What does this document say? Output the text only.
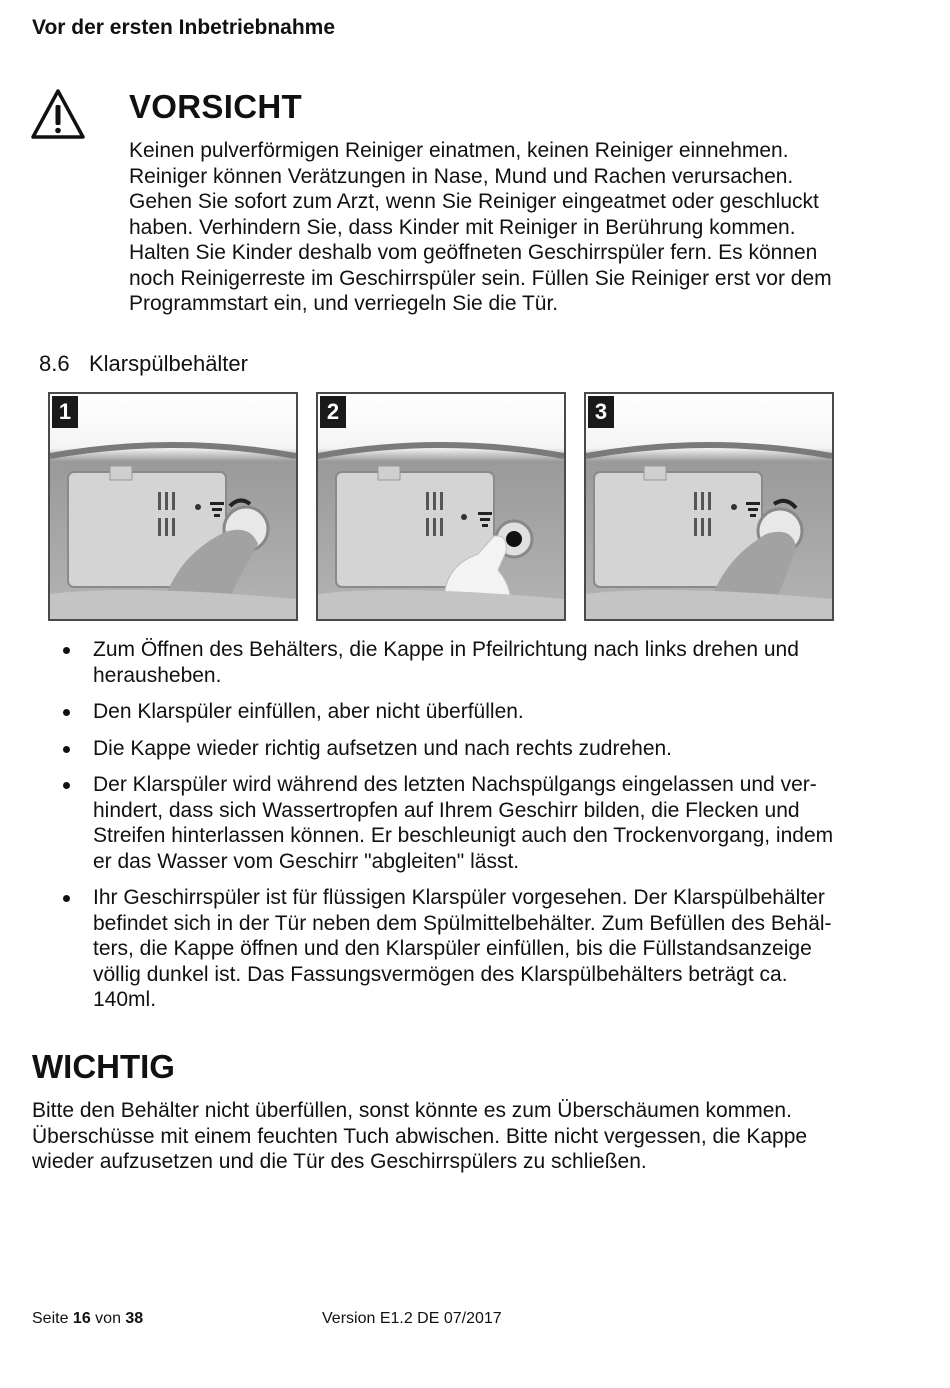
Vor der ersten Inbetriebnahme
VORSICHT
Keinen pulverförmigen Reiniger einatmen, keinen Reiniger einnehmen.
Reiniger können Verätzungen in Nase, Mund und Rachen verursachen.
Gehen Sie sofort zum Arzt, wenn Sie Reiniger eingeatmet oder geschluckt
haben. Verhindern Sie, dass Kinder mit Reiniger in Berührung kommen.
Halten Sie Kinder deshalb vom geöffneten Geschirrspüler fern. Es können
noch Reinigerreste im Geschirrspüler sein. Füllen Sie Reiniger erst vor dem
Programmstart ein, und verriegeln Sie die Tür.
8.6 Klarspülbehälter
1	2	3
Zum Öffnen des Behälters, die Kappe in Pfeilrichtung nach links drehen und
herausheben.
Den Klarspüler einfüllen, aber nicht überfüllen.
Die Kappe wieder richtig aufsetzen und nach rechts zudrehen.
Der Klarspüler wird während des letzten Nachspülgangs eingelassen und ver-
hindert, dass sich Wassertropfen auf Ihrem Geschirr bilden, die Flecken und
Streifen hinterlassen können. Er beschleunigt auch den Trockenvorgang, indem
er das Wasser vom Geschirr "abgleiten" lässt.
Ihr Geschirrspüler ist für flüssigen Klarspüler vorgesehen. Der Klarspülbehälter
befindet sich in der Tür neben dem Spülmittelbehälter. Zum Befüllen des Behäl-
ters, die Kappe öffnen und den Klarspüler einfüllen, bis die Füllstandsanzeige
völlig dunkel ist. Das Fassungsvermögen des Klarspülbehälters beträgt ca.
140ml.
WICHTIG
Bitte den Behälter nicht überfüllen, sonst könnte es zum Überschäumen kommen.
Überschüsse mit einem feuchten Tuch abwischen. Bitte nicht vergessen, die Kappe
wieder aufzusetzen und die Tür des Geschirrspülers zu schließen.
Seite 16 von 38	Version E1.2 DE 07/2017
